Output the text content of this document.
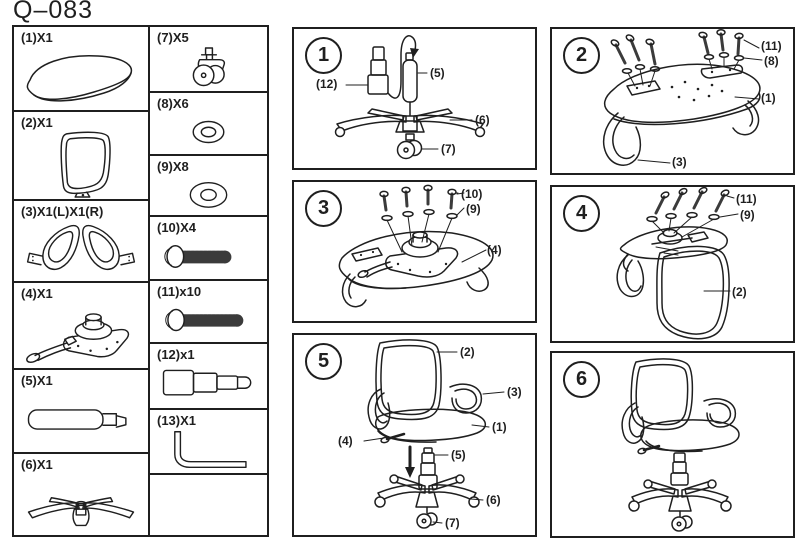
Q–083
(1)X1
(2)X1
(3)X1(L)X1(R)
(4)X1
(5)X1
(6)X1
(7)X5
(8)X6
(9)X8
(10)X4
(11)x10
(12)x1
(13)X1
1
(12)
(5)
(6)
(7)
2	(11)
(8)
(1)
(3)
3
(10)
(9)
(4)
4
(11)
(9)
(2)
5	(2)
(3)
(1)
(4)
(5)
(6)
(7)
6
